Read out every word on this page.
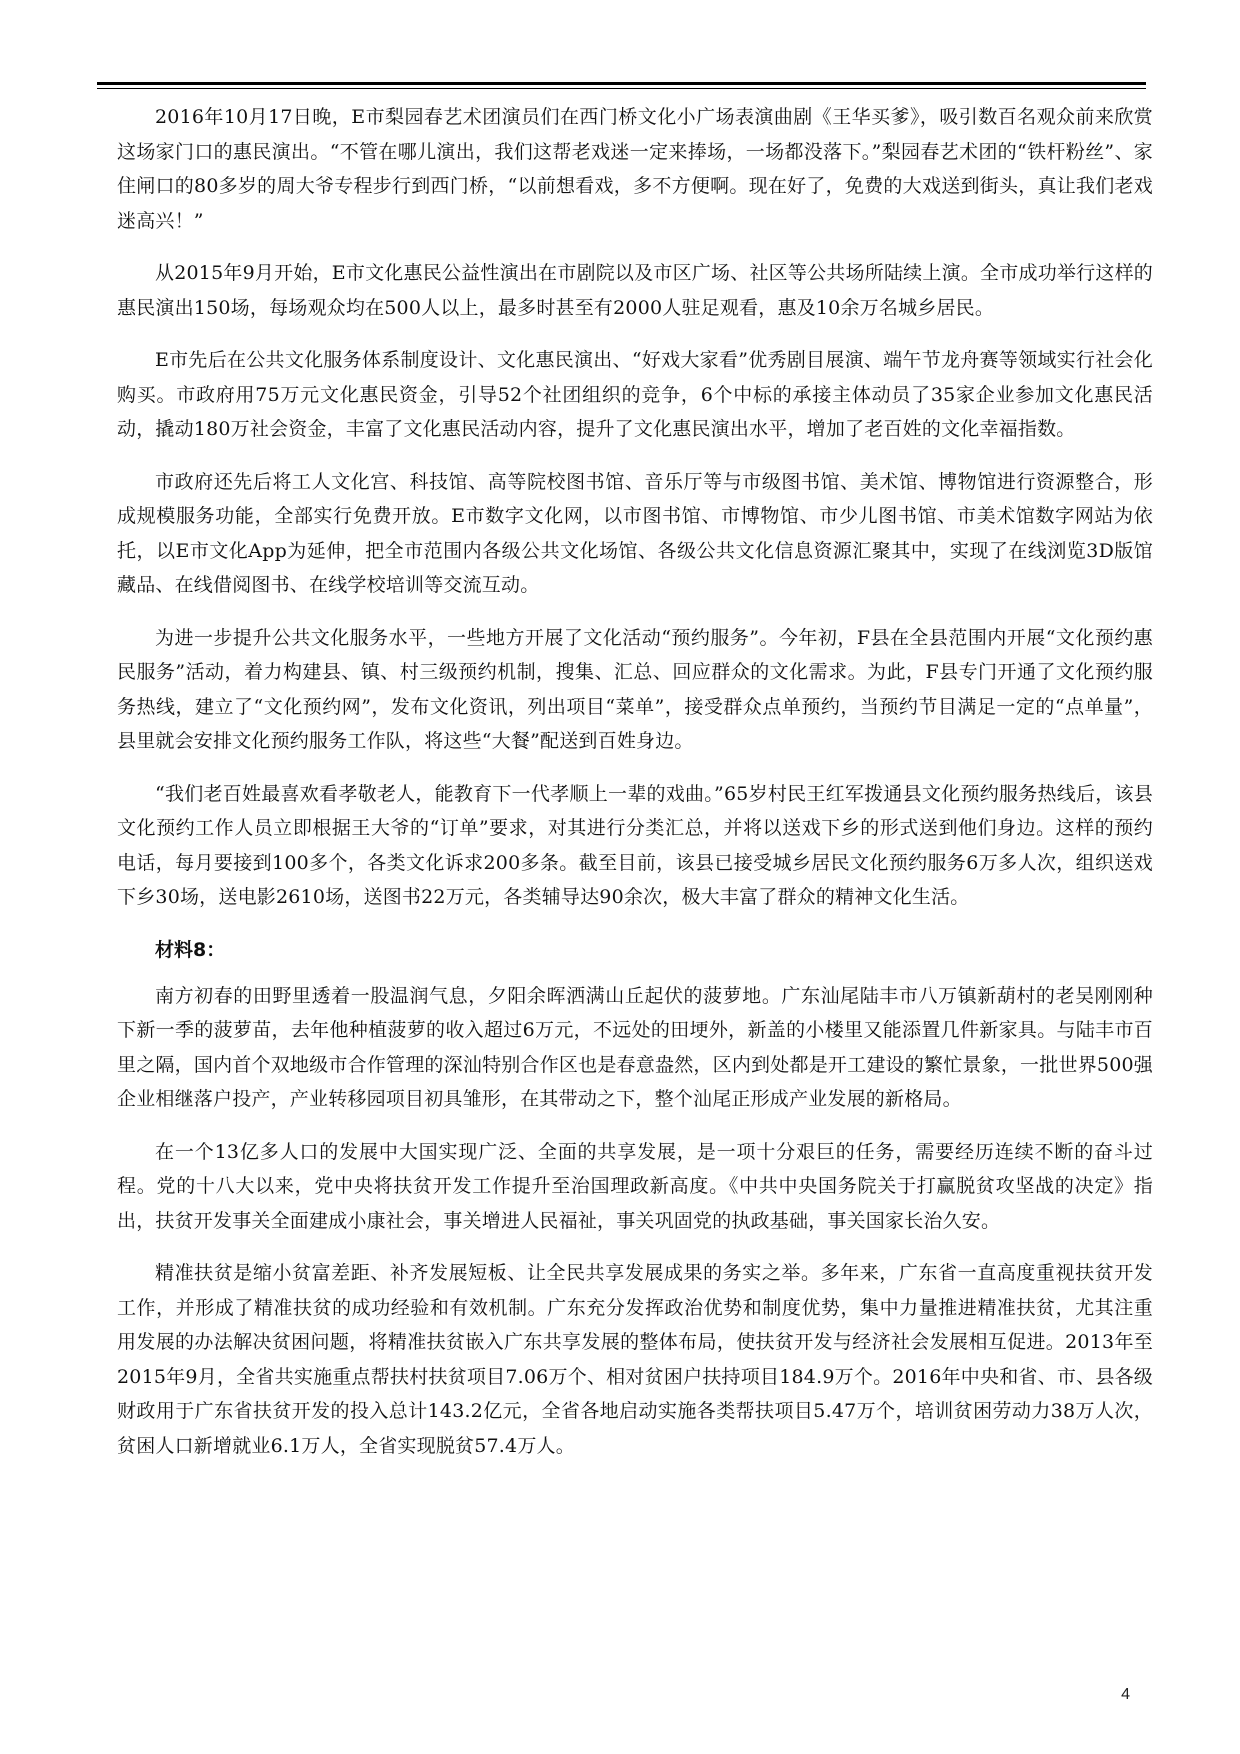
2016年10月17日晚，E市梨园春艺术团演员们在西门桥文化小广场表演曲剧《王华买爹》，吸引数百名观众前来欣赏这场家门口的惠民演出。“不管在哪儿演出，我们这帮老戏迷一定来捧场，一场都没落下。”梨园春艺术团的“铁杆粉丝”、家住闸口的80多岁的周大爷专程步行到西门桥，“以前想看戏，多不方便啊。现在好了，免费的大戏送到街头，真让我们老戏迷高兴！”

从2015年9月开始，E市文化惠民公益性演出在市剧院以及市区广场、社区等公共场所陆续上演。全市成功举行这样的惠民演出150场，每场观众均在500人以上，最多时甚至有2000人驻足观看，惠及10余万名城乡居民。

E市先后在公共文化服务体系制度设计、文化惠民演出、“好戏大家看”优秀剧目展演、端午节龙舟赛等领域实行社会化购买。市政府用75万元文化惠民资金，引导52个社团组织的竞争，6个中标的承接主体动员了35家企业参加文化惠民活动，撬动180万社会资金，丰富了文化惠民活动内容，提升了文化惠民演出水平，增加了老百姓的文化幸福指数。

市政府还先后将工人文化宫、科技馆、高等院校图书馆、音乐厅等与市级图书馆、美术馆、博物馆进行资源整合，形成规模服务功能，全部实行免费开放。E市数字文化网，以市图书馆、市博物馆、市少儿图书馆、市美术馆数字网站为依托，以E市文化App为延伸，把全市范围内各级公共文化场馆、各级公共文化信息资源汇聚其中，实现了在线浏览3D版馆藏品、在线借阅图书、在线学校培训等交流互动。

为进一步提升公共文化服务水平，一些地方开展了文化活动“预约服务”。今年初，F县在全县范围内开展“文化预约惠民服务”活动，着力构建县、镇、村三级预约机制，搜集、汇总、回应群众的文化需求。为此，F县专门开通了文化预约服务热线，建立了“文化预约网”，发布文化资讯，列出项目“菜单”，接受群众点单预约，当预约节目满足一定的“点单量”，县里就会安排文化预约服务工作队，将这些“大餐”配送到百姓身边。

“我们老百姓最喜欢看孝敬老人，能教育下一代孝顺上一辈的戏曲。”65岁村民王红军拨通县文化预约服务热线后，该县文化预约工作人员立即根据王大爷的“订单”要求，对其进行分类汇总，并将以送戏下乡的形式送到他们身边。这样的预约电话，每月要接到100多个，各类文化诉求200多条。截至目前，该县已接受城乡居民文化预约服务6万多人次，组织送戏下乡30场，送电影2610场，送图书22万元，各类辅导达90余次，极大丰富了群众的精神文化生活。

材料8：

南方初春的田野里透着一股温润气息，夕阳余晖洒满山丘起伏的菠萝地。广东汕尾陆丰市八万镇新葫村的老吴刚刚种下新一季的菠萝苗，去年他种植菠萝的收入超过6万元，不远处的田埂外，新盖的小楼里又能添置几件新家具。与陆丰市百里之隔，国内首个双地级市合作管理的深汕特别合作区也是春意盎然，区内到处都是开工建设的繁忙景象，一批世界500强企业相继落户投产，产业转移园项目初具雏形，在其带动之下，整个汕尾正形成产业发展的新格局。

在一个13亿多人口的发展中大国实现广泛、全面的共享发展，是一项十分艰巨的任务，需要经历连续不断的奋斗过程。党的十八大以来，党中央将扶贫开发工作提升至治国理政新高度。《中共中央国务院关于打赢脱贫攻坚战的决定》指出，扶贫开发事关全面建成小康社会，事关增进人民福祉，事关巩固党的执政基础，事关国家长治久安。

精准扶贫是缩小贫富差距、补齐发展短板、让全民共享发展成果的务实之举。多年来，广东省一直高度重视扶贫开发工作，并形成了精准扶贫的成功经验和有效机制。广东充分发挥政治优势和制度优势，集中力量推进精准扶贫，尤其注重用发展的办法解决贫困问题，将精准扶贫嵌入广东共享发展的整体布局，使扶贫开发与经济社会发展相互促进。2013年至2015年9月，全省共实施重点帮扶村扶贫项目7.06万个、相对贫困户扶持项目184.9万个。2016年中央和省、市、县各级财政用于广东省扶贫开发的投入总计143.2亿元，全省各地启动实施各类帮扶项目5.47万个，培训贫困劳动力38万人次，贫困人口新增就业6.1万人，全省实现脱贫57.4万人。

4
